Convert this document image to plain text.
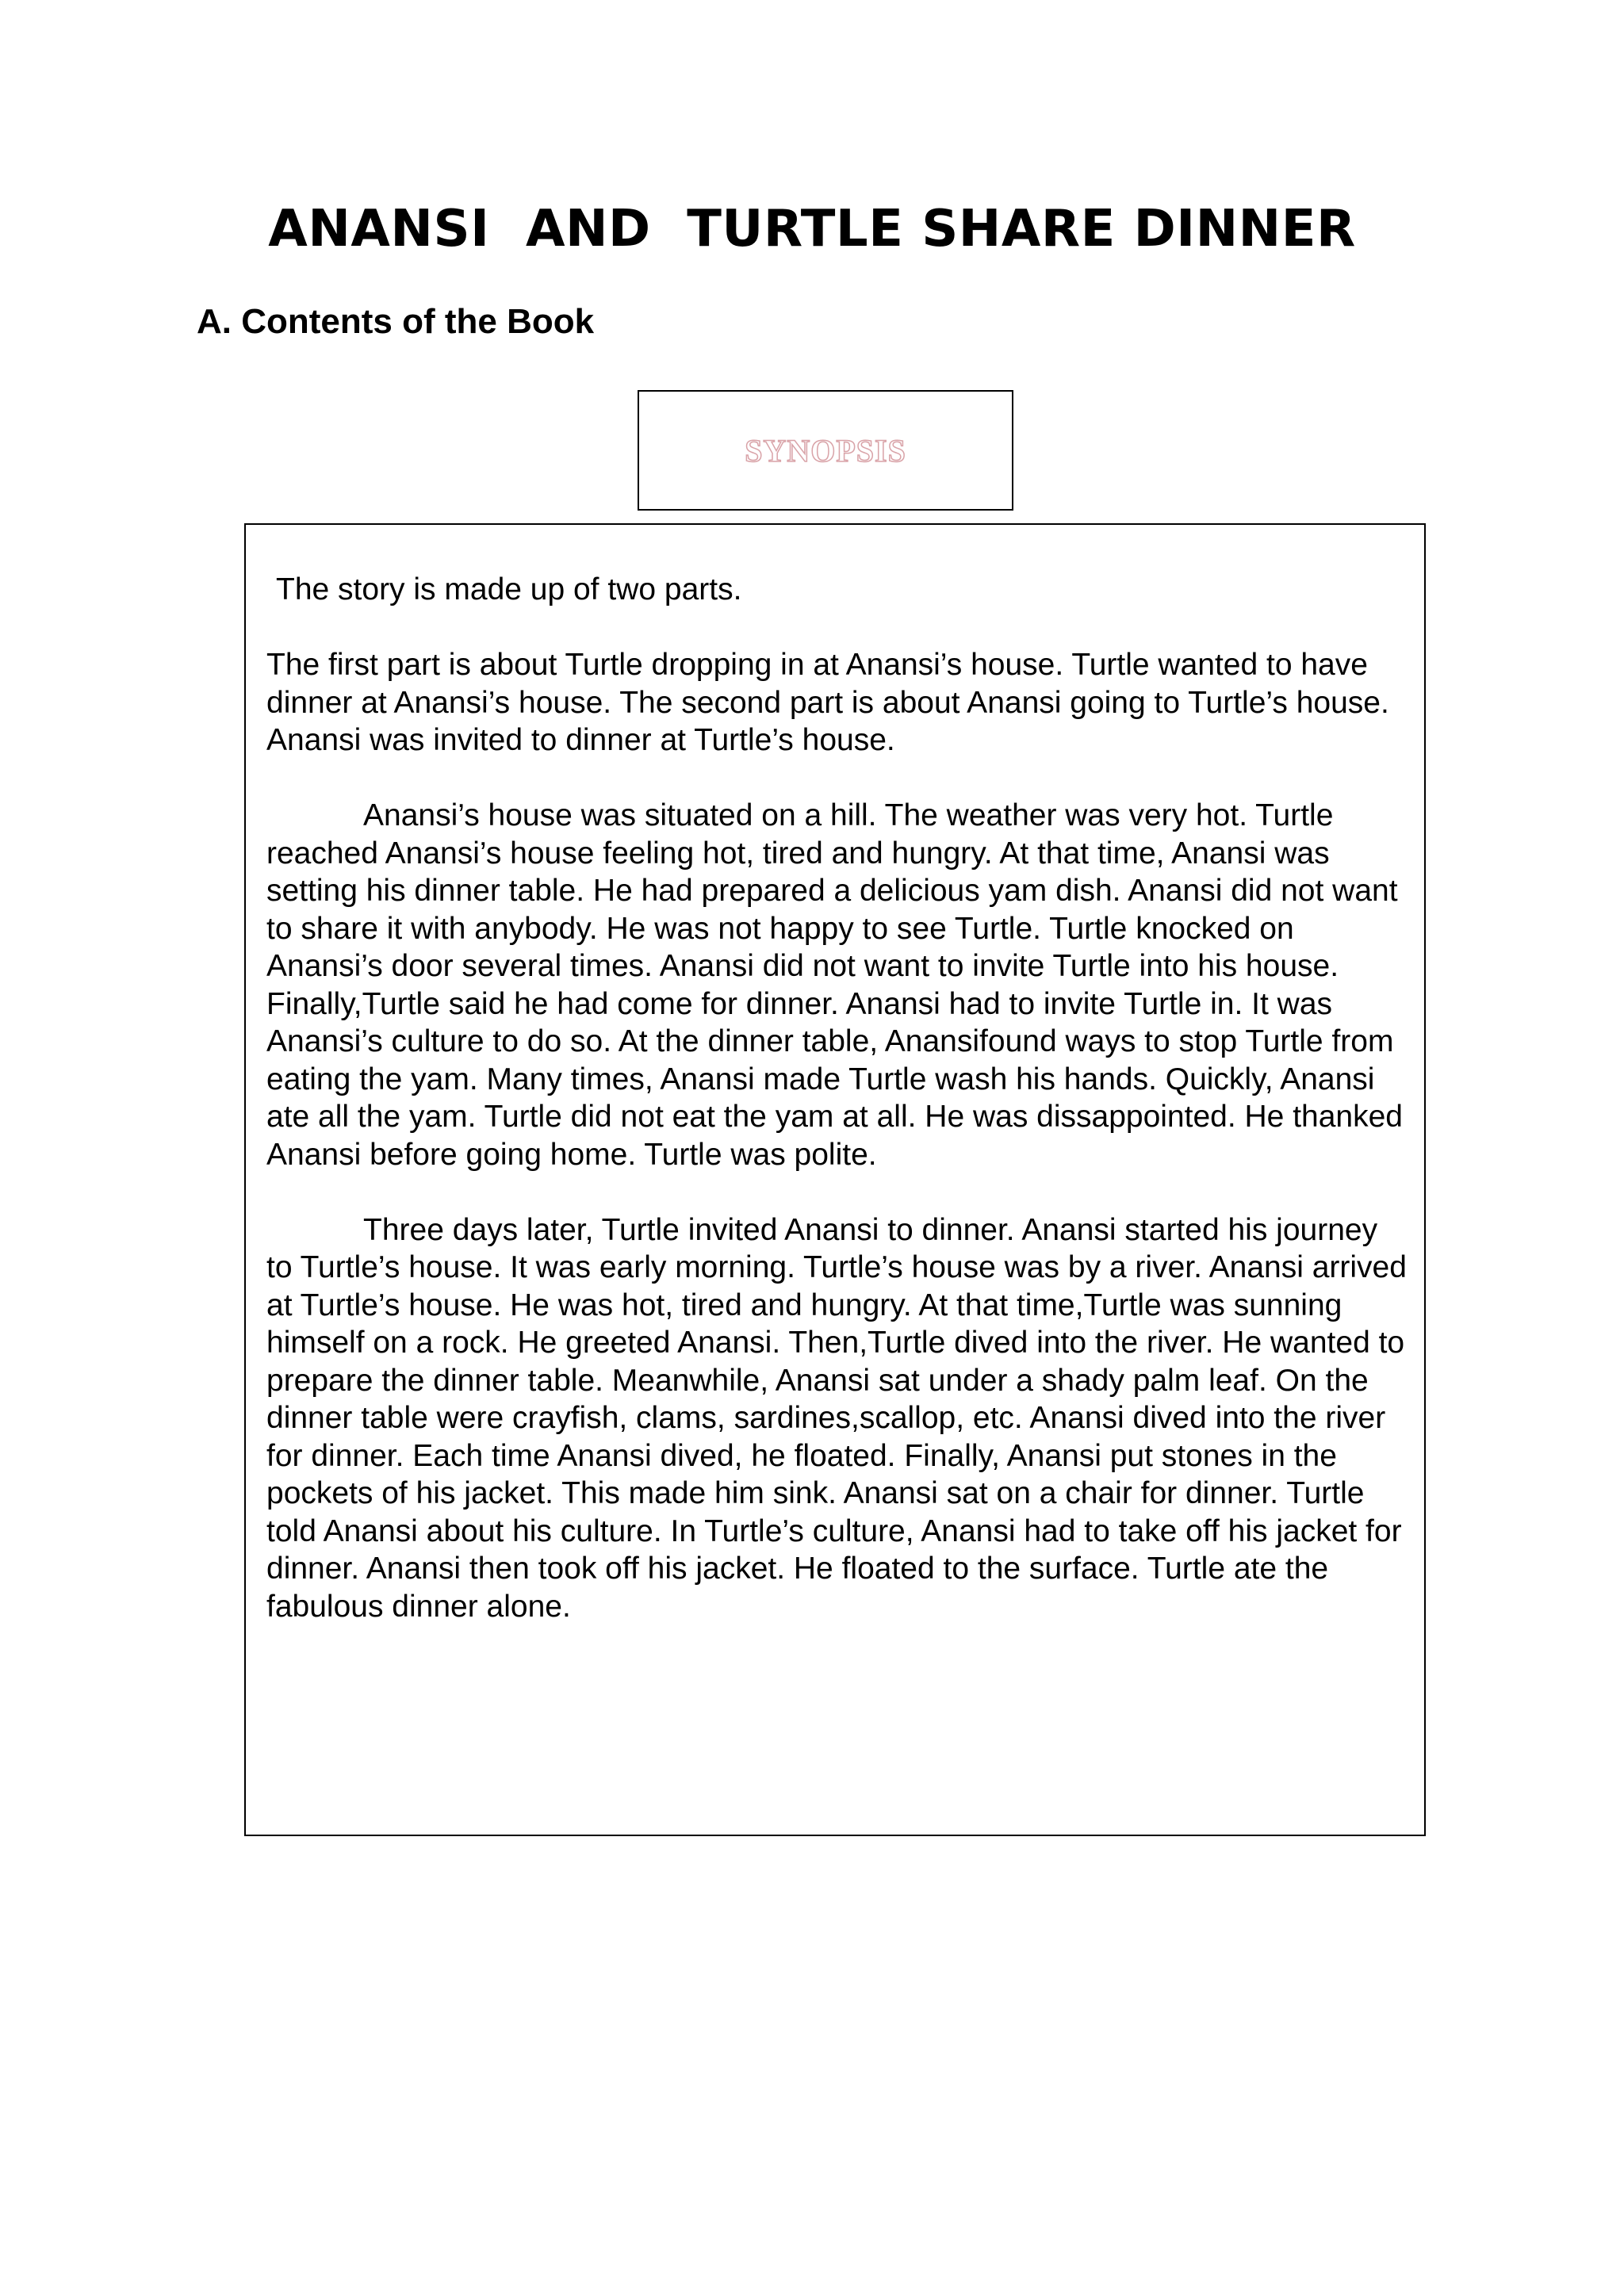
ANANSI  AND  TURTLE SHARE DINNER
A. Contents of the Book
SYNOPSIS

The story is made up of two parts.

The first part is about Turtle dropping in at Anansi’s house. Turtle wanted to have dinner at Anansi’s house. The second part is about Anansi going to Turtle’s house. Anansi was invited to dinner at Turtle’s house.

Anansi’s house was situated on a hill. The weather was very hot. Turtle reached Anansi’s house feeling hot, tired and hungry. At that time, Anansi was setting his dinner table. He had prepared a delicious yam dish. Anansi did not want to share it with anybody. He was not happy to see Turtle. Turtle knocked on Anansi’s door several times. Anansi did not want to invite Turtle into his house. Finally,Turtle said he had come for dinner. Anansi had to invite Turtle in. It was Anansi’s culture to do so. At the dinner table, Anansifound ways to stop Turtle from eating the yam. Many times, Anansi made Turtle wash his hands. Quickly, Anansi ate all the yam. Turtle did not eat the yam at all. He was dissappointed. He thanked Anansi before going home. Turtle was polite.

Three days later, Turtle invited Anansi to dinner. Anansi started his journey to Turtle’s house. It was early morning. Turtle’s house was by a river. Anansi arrived at Turtle’s house. He was hot, tired and hungry. At that time,Turtle was sunning himself on a rock. He greeted Anansi. Then,Turtle dived into the river. He wanted to prepare the dinner table. Meanwhile, Anansi sat under a shady palm leaf. On the dinner table were crayfish, clams, sardines,scallop, etc. Anansi dived into the river for dinner. Each time Anansi dived, he floated. Finally, Anansi put stones in the pockets of his jacket. This made him sink. Anansi sat on a chair for dinner. Turtle told Anansi about his culture. In Turtle’s culture, Anansi had to take off his jacket for dinner. Anansi then took off his jacket. He floated to the surface. Turtle ate the fabulous dinner alone.
